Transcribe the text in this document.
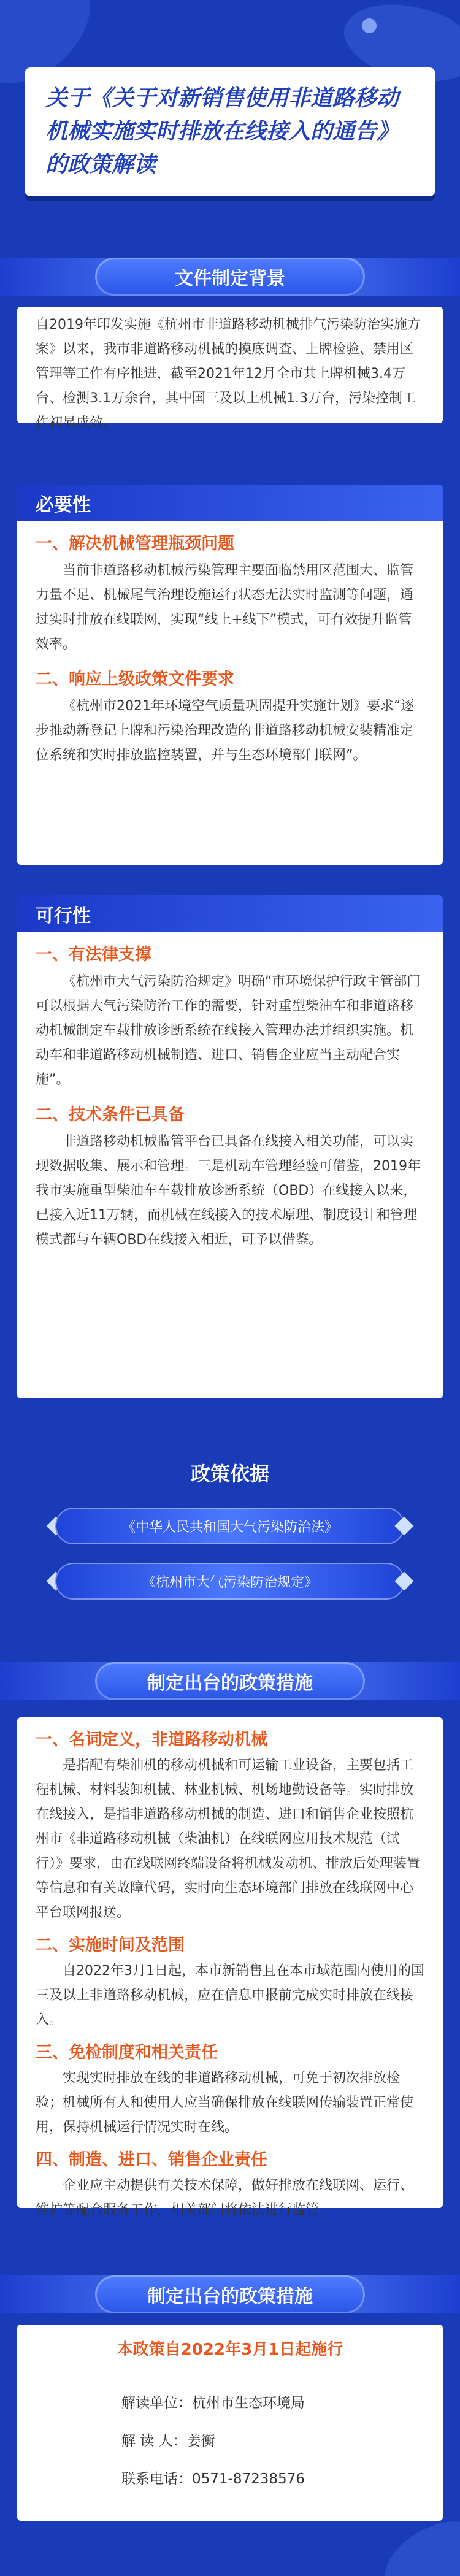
关于《关于对新销售使用非道路移动机械实施实时排放在线接入的通告》的政策解读
文件制定背景

自2019年印发实施《杭州市非道路移动机械排气污染防治实施方案》以来，我市非道路移动机械的摸底调查、上牌检验、禁用区管理等工作有序推进，截至2021年12月全市共上牌机械3.4万台、检测3.1万余台，其中国三及以上机械1.3万台，污染控制工作初显成效。

必要性
一、解决机械管理瓶颈问题

当前非道路移动机械污染管理主要面临禁用区范围大、监管力量不足、机械尾气治理设施运行状态无法实时监测等问题，通过实时排放在线联网，实现“线上+线下”模式，可有效提升监管效率。

二、响应上级政策文件要求

《杭州市2021年环境空气质量巩固提升实施计划》要求“逐步推动新登记上牌和污染治理改造的非道路移动机械安装精准定位系统和实时排放监控装置，并与生态环境部门联网”。

可行性
一、有法律支撑

《杭州市大气污染防治规定》明确“市环境保护行政主管部门可以根据大气污染防治工作的需要，针对重型柴油车和非道路移动机械制定车载排放诊断系统在线接入管理办法并组织实施。机动车和非道路移动机械制造、进口、销售企业应当主动配合实施”。

二、技术条件已具备

非道路移动机械监管平台已具备在线接入相关功能，可以实现数据收集、展示和管理。三是机动车管理经验可借鉴，2019年我市实施重型柴油车车载排放诊断系统（OBD）在线接入以来，已接入近11万辆，而机械在线接入的技术原理、制度设计和管理模式都与车辆OBD在线接入相近，可予以借鉴。

政策依据
《中华人民共和国大气污染防治法》
《杭州市大气污染防治规定》
制定出台的政策措施
一、名词定义，非道路移动机械

是指配有柴油机的移动机械和可运输工业设备，主要包括工程机械、材料装卸机械、林业机械、机场地勤设备等。实时排放在线接入，是指非道路移动机械的制造、进口和销售企业按照杭州市《非道路移动机械（柴油机）在线联网应用技术规范（试行）》要求，由在线联网终端设备将机械发动机、排放后处理装置等信息和有关故障代码，实时向生态环境部门排放在线联网中心平台联网报送。

二、实施时间及范围

自2022年3月1日起，本市新销售且在本市域范围内使用的国三及以上非道路移动机械，应在信息申报前完成实时排放在线接入。

三、免检制度和相关责任

实现实时排放在线的非道路移动机械，可免于初次排放检验；机械所有人和使用人应当确保排放在线联网传输装置正常使用，保持机械运行情况实时在线。

四、制造、进口、销售企业责任

企业应主动提供有关技术保障，做好排放在线联网、运行、维护等配合服务工作，相关部门将依法进行监管。

制定出台的政策措施
本政策自2022年3月1日起施行
解读单位：杭州市生态环境局
解 读 人：姜衡
联系电话：0571-87238576
